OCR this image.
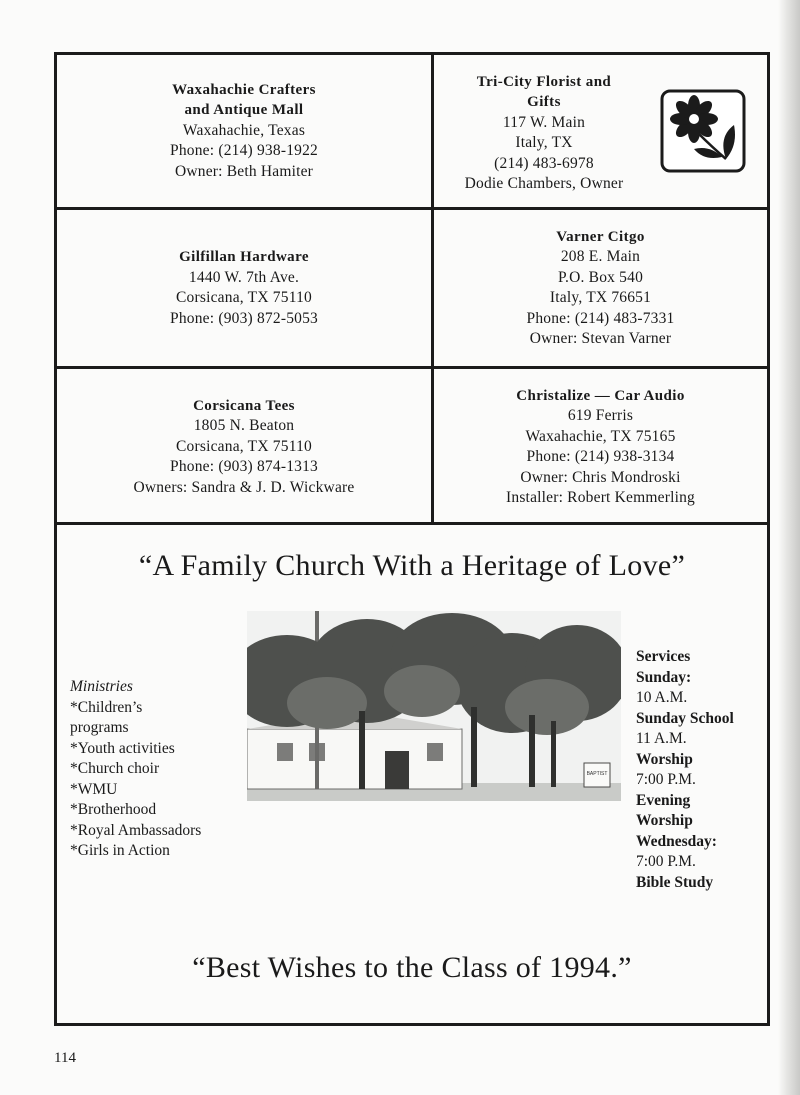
Waxahachie Crafters
and Antique Mall
Waxahachie, Texas
Phone: (214) 938-1922
Owner: Beth Hamiter
Tri-City Florist and
Gifts
117 W. Main
Italy, TX
(214) 483-6978
Dodie Chambers, Owner
Gilfillan Hardware
1440 W. 7th Ave.
Corsicana, TX 75110
Phone: (903) 872-5053
Varner Citgo
208 E. Main
P.O. Box 540
Italy, TX 76651
Phone: (214) 483-7331
Owner: Stevan Varner
Corsicana Tees
1805 N. Beaton
Corsicana, TX 75110
Phone: (903) 874-1313
Owners: Sandra & J. D. Wickware
Christalize — Car Audio
619 Ferris
Waxahachie, TX 75165
Phone: (214) 938-3134
Owner: Chris Mondroski
Installer: Robert Kemmerling
“A Family Church With a Heritage of Love”
BAPTIST
Ministries
*Children’s
programs
*Youth activities
*Church choir
*WMU
*Brotherhood
*Royal Ambassadors
*Girls in Action
Services
Sunday:
10 A.M.
Sunday School
11 A.M.
Worship
7:00 P.M.
Evening
Worship
Wednesday:
7:00 P.M.
Bible Study
“Best Wishes to the Class of 1994.”
114
